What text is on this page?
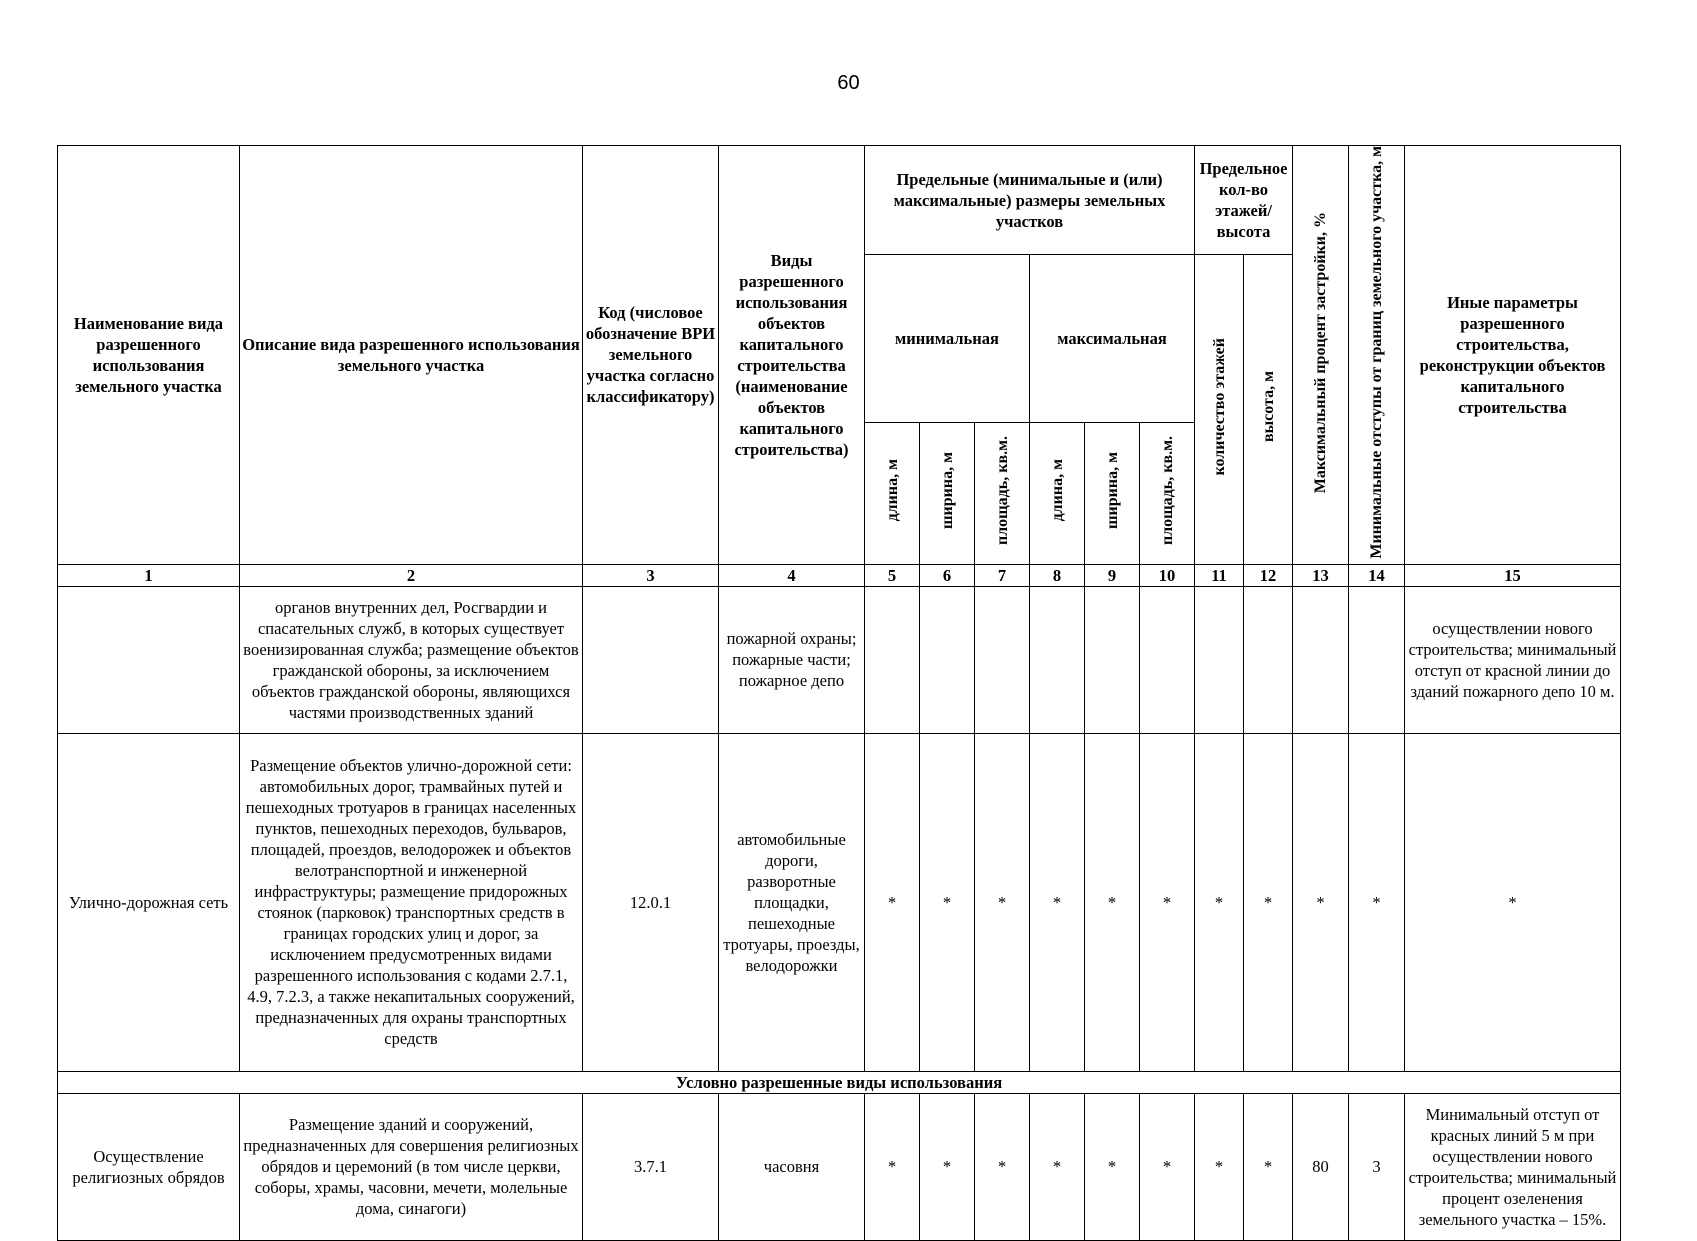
60
Наименование вида разрешенного использования земельного участка	Описание вида разрешенного использования земельного участка	Код (числовое обозначение ВРИ земельного участка согласно классификатору)	Виды разрешенного использования объектов капитального строительства (наименование объектов капитального строительства)	Предельные (минимальные и (или) максимальные) размеры земельных участков						Предельное кол-во этажей/ высота		Максимальный процент застройки, %	Минимальные отступы от границ земельного участка, м	Иные параметры разрешенного строительства, реконструкции объектов капитального строительства
				минимальная			максимальная			количество этажей	высота, м			
				длина, м	ширина, м	площадь, кв.м.	длина, м	ширина, м	площадь, кв.м.					
1	2	3	4	5	6	7	8	9	10	11	12	13	14	15
	органов внутренних дел, Росгвардии и спасательных служб, в которых существует военизированная служба; размещение объектов гражданской обороны, за исключением объектов гражданской обороны, являющихся частями производственных зданий		пожарной охраны; пожарные части; пожарное депо											осуществлении нового строительства; минимальный отступ от красной линии до зданий пожарного депо 10 м.
Улично-дорожная сеть	Размещение объектов улично-дорожной сети: автомобильных дорог, трамвайных путей и пешеходных тротуаров в границах населенных пунктов, пешеходных переходов, бульваров, площадей, проездов, велодорожек и объектов велотранспортной и инженерной инфраструктуры; размещение придорожных стоянок (парковок) транспортных средств в границах городских улиц и дорог, за исключением предусмотренных видами разрешенного использования с кодами 2.7.1, 4.9, 7.2.3, а также некапитальных сооружений, предназначенных для охраны транспортных средств	12.0.1	автомобильные дороги, разворотные площадки, пешеходные тротуары, проезды, велодорожки	*	*	*	*	*	*	*	*	*	*	*
Условно разрешенные виды использования														
Осуществление религиозных обрядов	Размещение зданий и сооружений, предназначенных для совершения религиозных обрядов и церемоний (в том числе церкви, соборы, храмы, часовни, мечети, молельные дома, синагоги)	3.7.1	часовня	*	*	*	*	*	*	*	*	80	3	Минимальный отступ от красных линий 5 м при осуществлении нового строительства; минимальный процент озеленения земельного участка – 15%.
